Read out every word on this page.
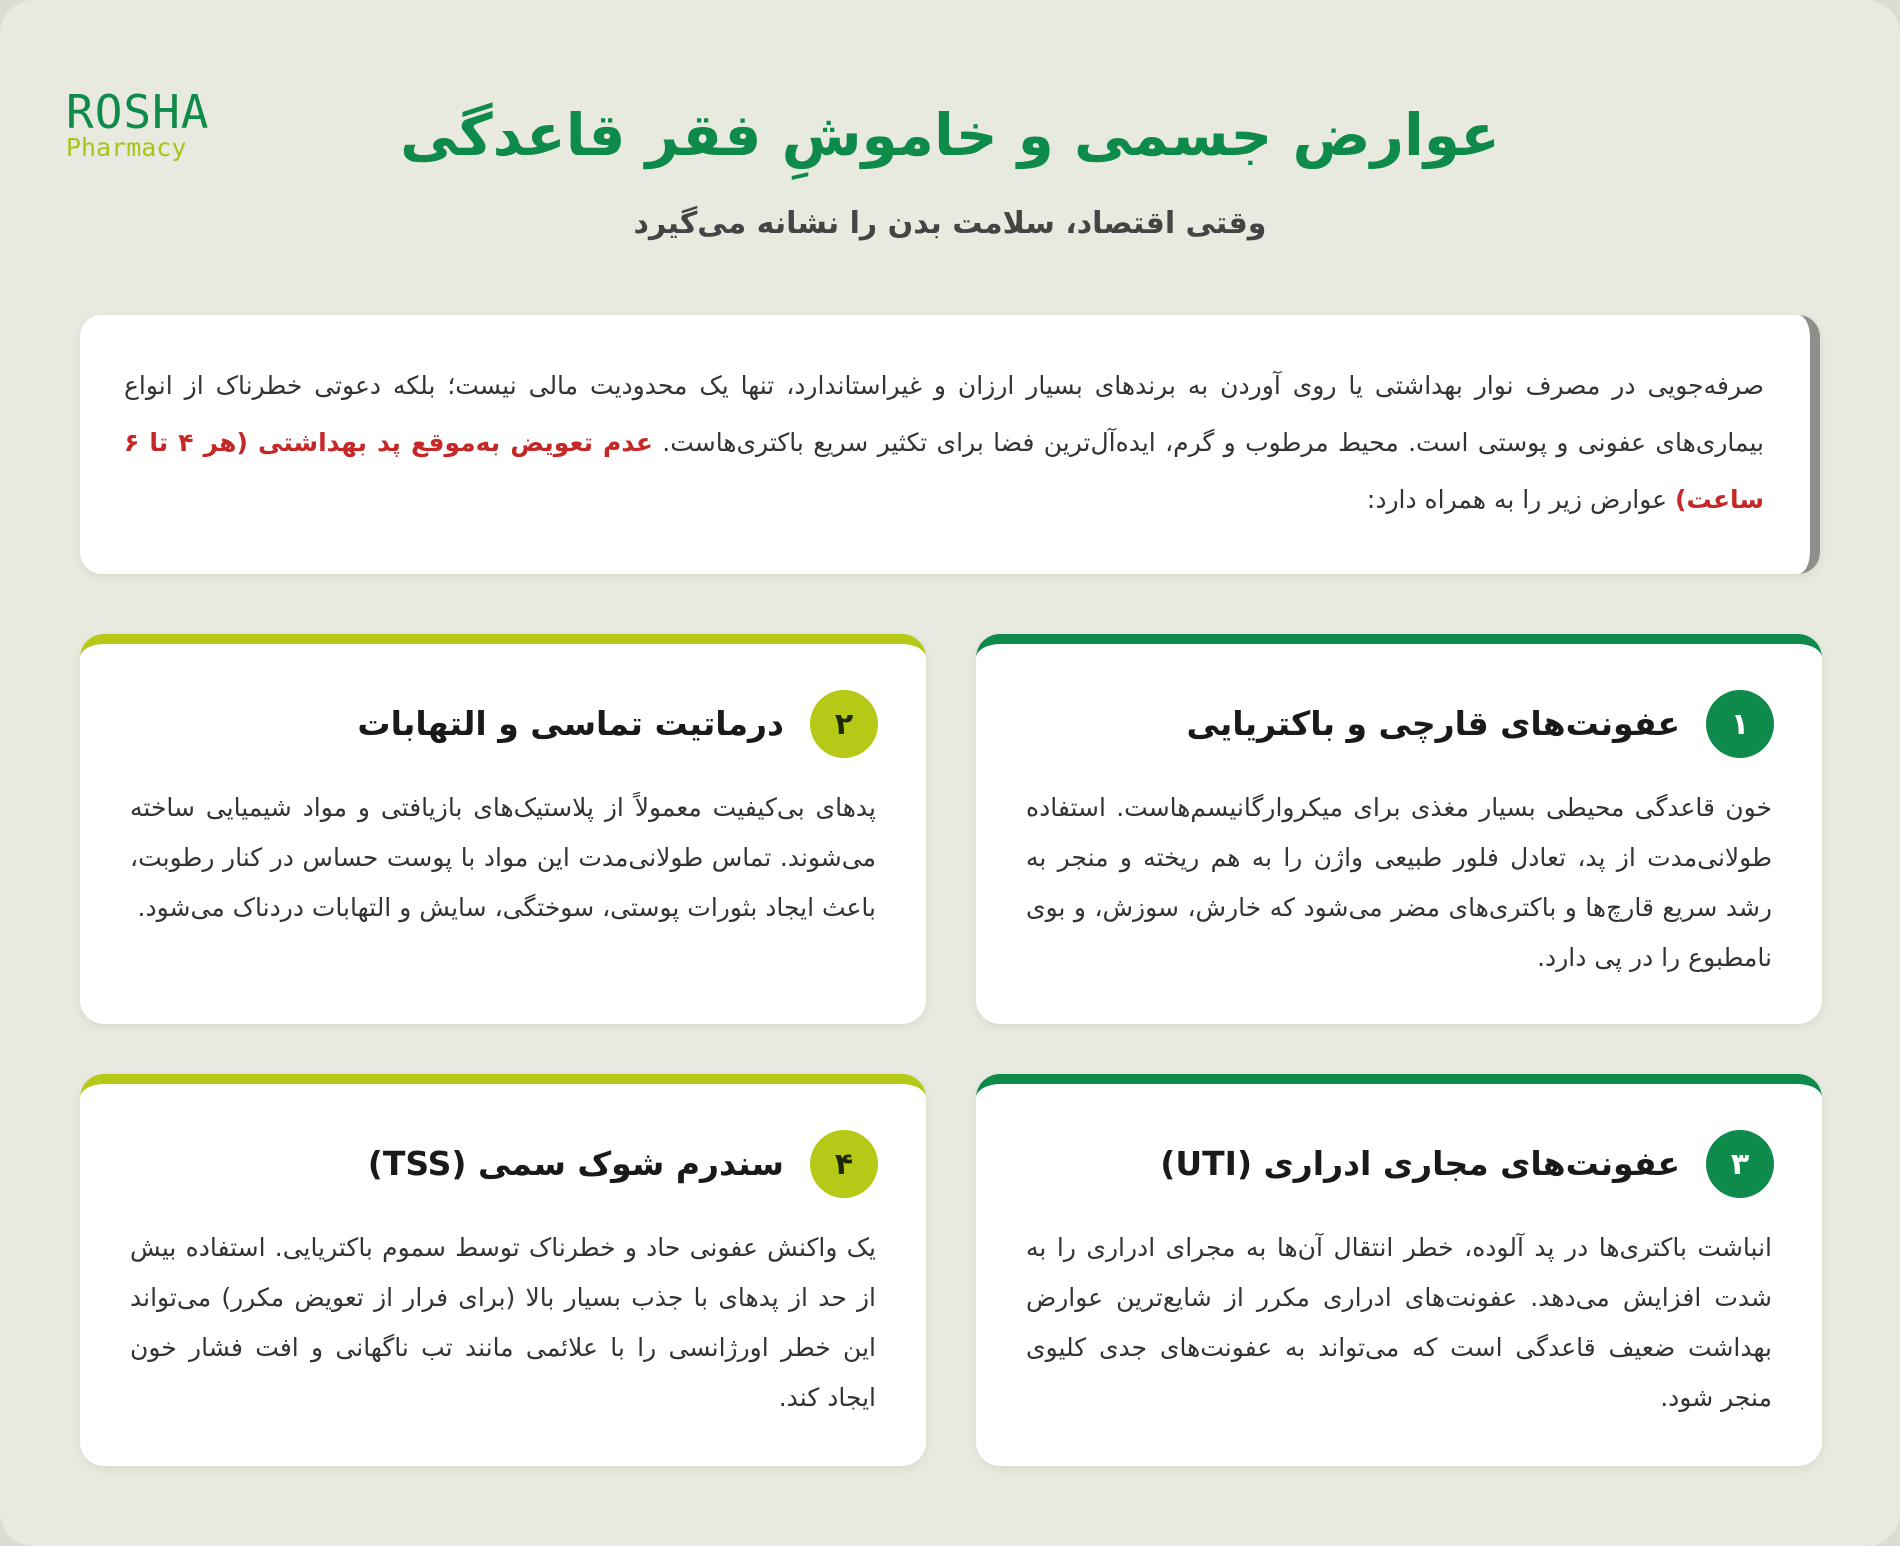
ROSHA
Pharmacy	عوارض جسمی و خاموشِ فقر قاعدگی
وقتی اقتصاد، سلامت بدن را نشانه می‌گیرد
صرفه‌جویی در مصرف نوار بهداشتی یا روی آوردن به برندهای بسیار ارزان و غیراستاندارد، تنها یک محدودیت مالی نیست؛ بلکه دعوتی خطرناک از انواع بیماری‌های عفونی و پوستی است. محیط مرطوب و گرم، ایده‌آل‌ترین فضا برای تکثیر سریع باکتری‌هاست. عدم تعویض به‌موقع پد بهداشتی (هر ۴ تا ۶ ساعت) عوارض زیر را به همراه دارد:
۱
عفونت‌های قارچی و باکتریایی
خون قاعدگی محیطی بسیار مغذی برای میکروارگانیسم‌هاست. استفاده طولانی‌مدت از پد، تعادل فلور طبیعی واژن را به هم ریخته و منجر به رشد سریع قارچ‌ها و باکتری‌های مضر می‌شود که خارش، سوزش، و بوی نامطبوع را در پی دارد.
۲
درماتیت تماسی و التهابات
پدهای بی‌کیفیت معمولاً از پلاستیک‌های بازیافتی و مواد شیمیایی ساخته می‌شوند. تماس طولانی‌مدت این مواد با پوست حساس در کنار رطوبت، باعث ایجاد بثورات پوستی، سوختگی، سایش و التهابات دردناک می‌شود.
۳
عفونت‌های مجاری ادراری (UTI)
انباشت باکتری‌ها در پد آلوده، خطر انتقال آن‌ها به مجرای ادراری را به شدت افزایش می‌دهد. عفونت‌های ادراری مکرر از شایع‌ترین عوارض بهداشت ضعیف قاعدگی است که می‌تواند به عفونت‌های جدی کلیوی منجر شود.
۴
سندرم شوک سمی (TSS)
یک واکنش عفونی حاد و خطرناک توسط سموم باکتریایی. استفاده بیش از حد از پدهای با جذب بسیار بالا (برای فرار از تعویض مکرر) می‌تواند این خطر اورژانسی را با علائمی مانند تب ناگهانی و افت فشار خون ایجاد کند.
